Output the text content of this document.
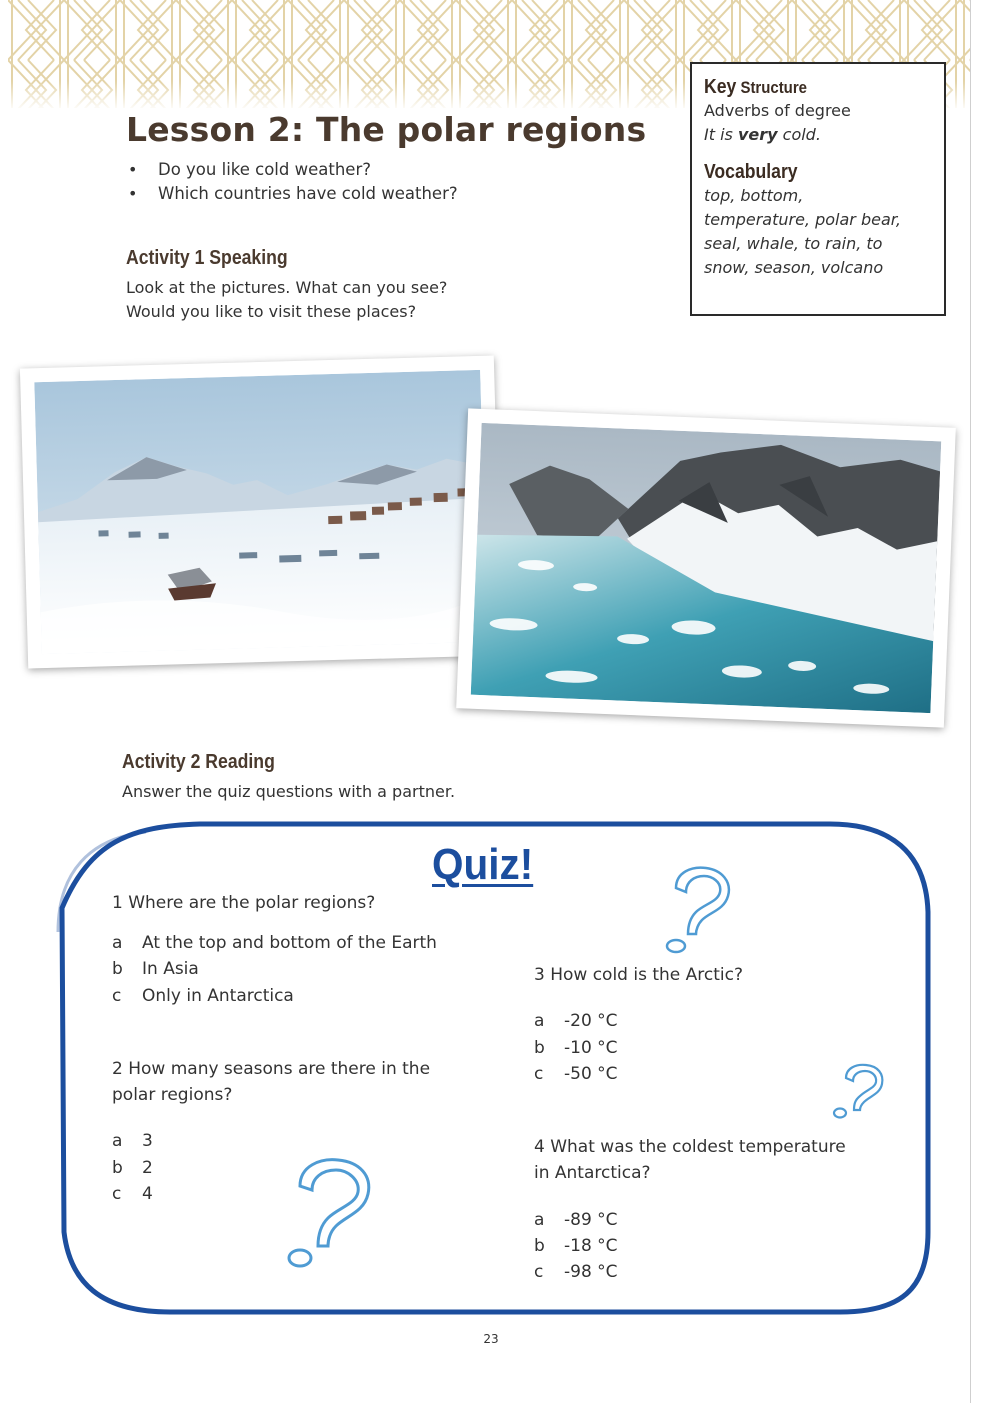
Lesson 2: The polar regions
• Do you like cold weather?
• Which countries have cold weather?

Key Structure

Adverbs of degree

It is very cold.

Vocabulary

top, bottom,

temperature, polar bear,

seal, whale, to rain, to

snow, season, volcano

Activity 1 Speaking

Look at the pictures. What can you see?

Would you like to visit these places?

Activity 2 Reading

Answer the quiz questions with a partner.

Quiz!

1 Where are the polar regions?

a At the top and bottom of the Earth
b In Asia
c Only in Antarctica

2 How many seasons are there in the

polar regions?

a 3
b 2
c 4

3 How cold is the Arctic?

a -20 °C
b -10 °C
c -50 °C

4 What was the coldest temperature

in Antarctica?

a -89 °C
b -18 °C
c -98 °C

23
